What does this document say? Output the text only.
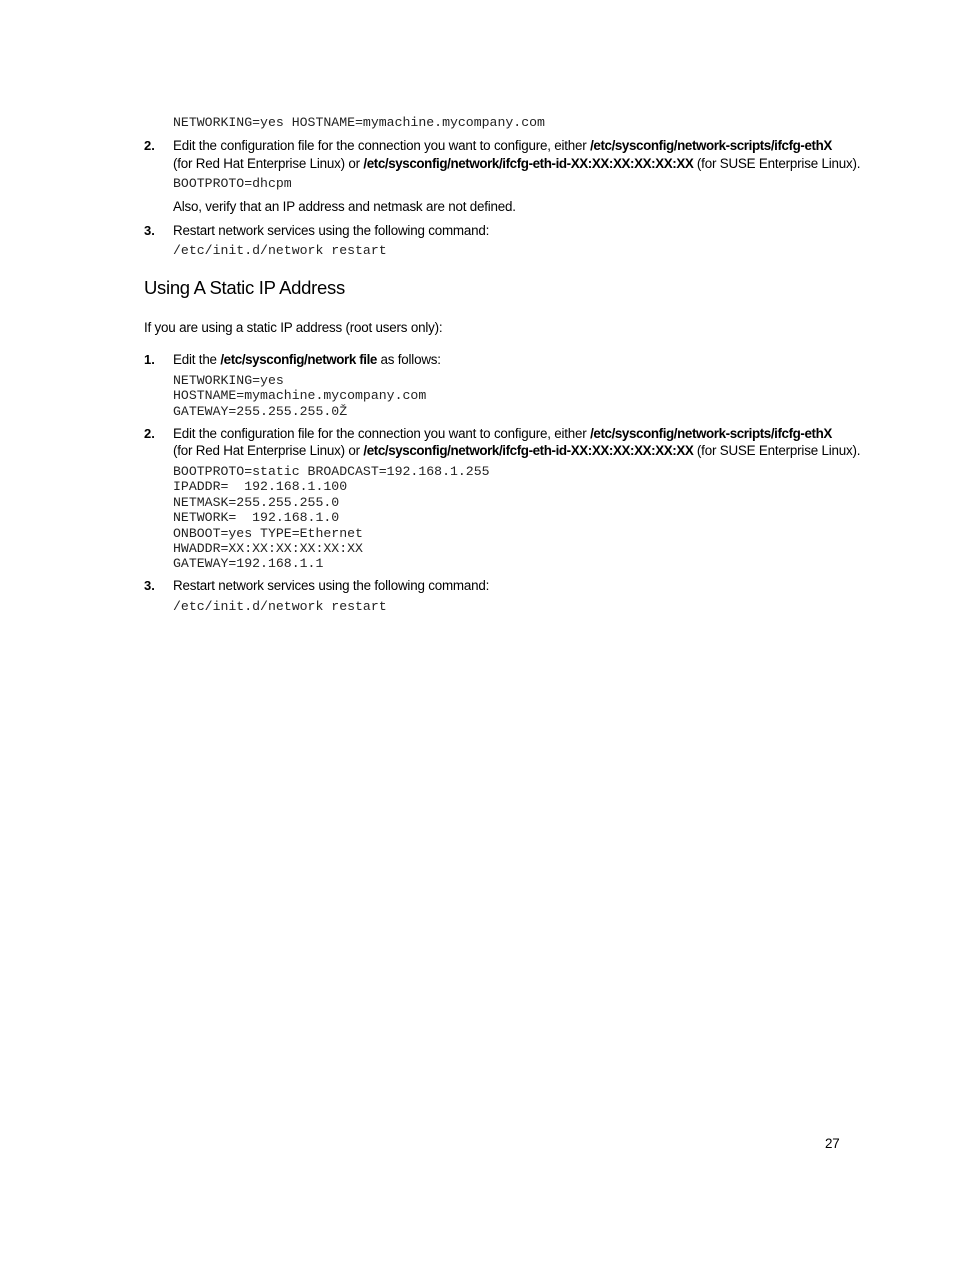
NETWORKING=yes HOSTNAME=mymachine.mycompany.com
2. Edit the configuration file for the connection you want to configure, either /etc/sysconfig/network-scripts/ifcfg-ethX
(for Red Hat Enterprise Linux) or /etc/sysconfig/network/ifcfg-eth-id-XX:XX:XX:XX:XX:XX (for SUSE Enterprise Linux).
BOOTPROTO=dhcpm
Also, verify that an IP address and netmask are not defined.
3. Restart network services using the following command:
/etc/init.d/network restart
Using A Static IP Address
If you are using a static IP address (root users only):
1. Edit the /etc/sysconfig/network file as follows:
NETWORKING=yes
HOSTNAME=mymachine.mycompany.com
GATEWAY=255.255.255.0Ž
2. Edit the configuration file for the connection you want to configure, either /etc/sysconfig/network-scripts/ifcfg-ethX
(for Red Hat Enterprise Linux) or /etc/sysconfig/network/ifcfg-eth-id-XX:XX:XX:XX:XX:XX (for SUSE Enterprise Linux).
BOOTPROTO=static BROADCAST=192.168.1.255
IPADDR=  192.168.1.100
NETMASK=255.255.255.0
NETWORK=  192.168.1.0
ONBOOT=yes TYPE=Ethernet
HWADDR=XX:XX:XX:XX:XX:XX
GATEWAY=192.168.1.1
3. Restart network services using the following command:
/etc/init.d/network restart
27
